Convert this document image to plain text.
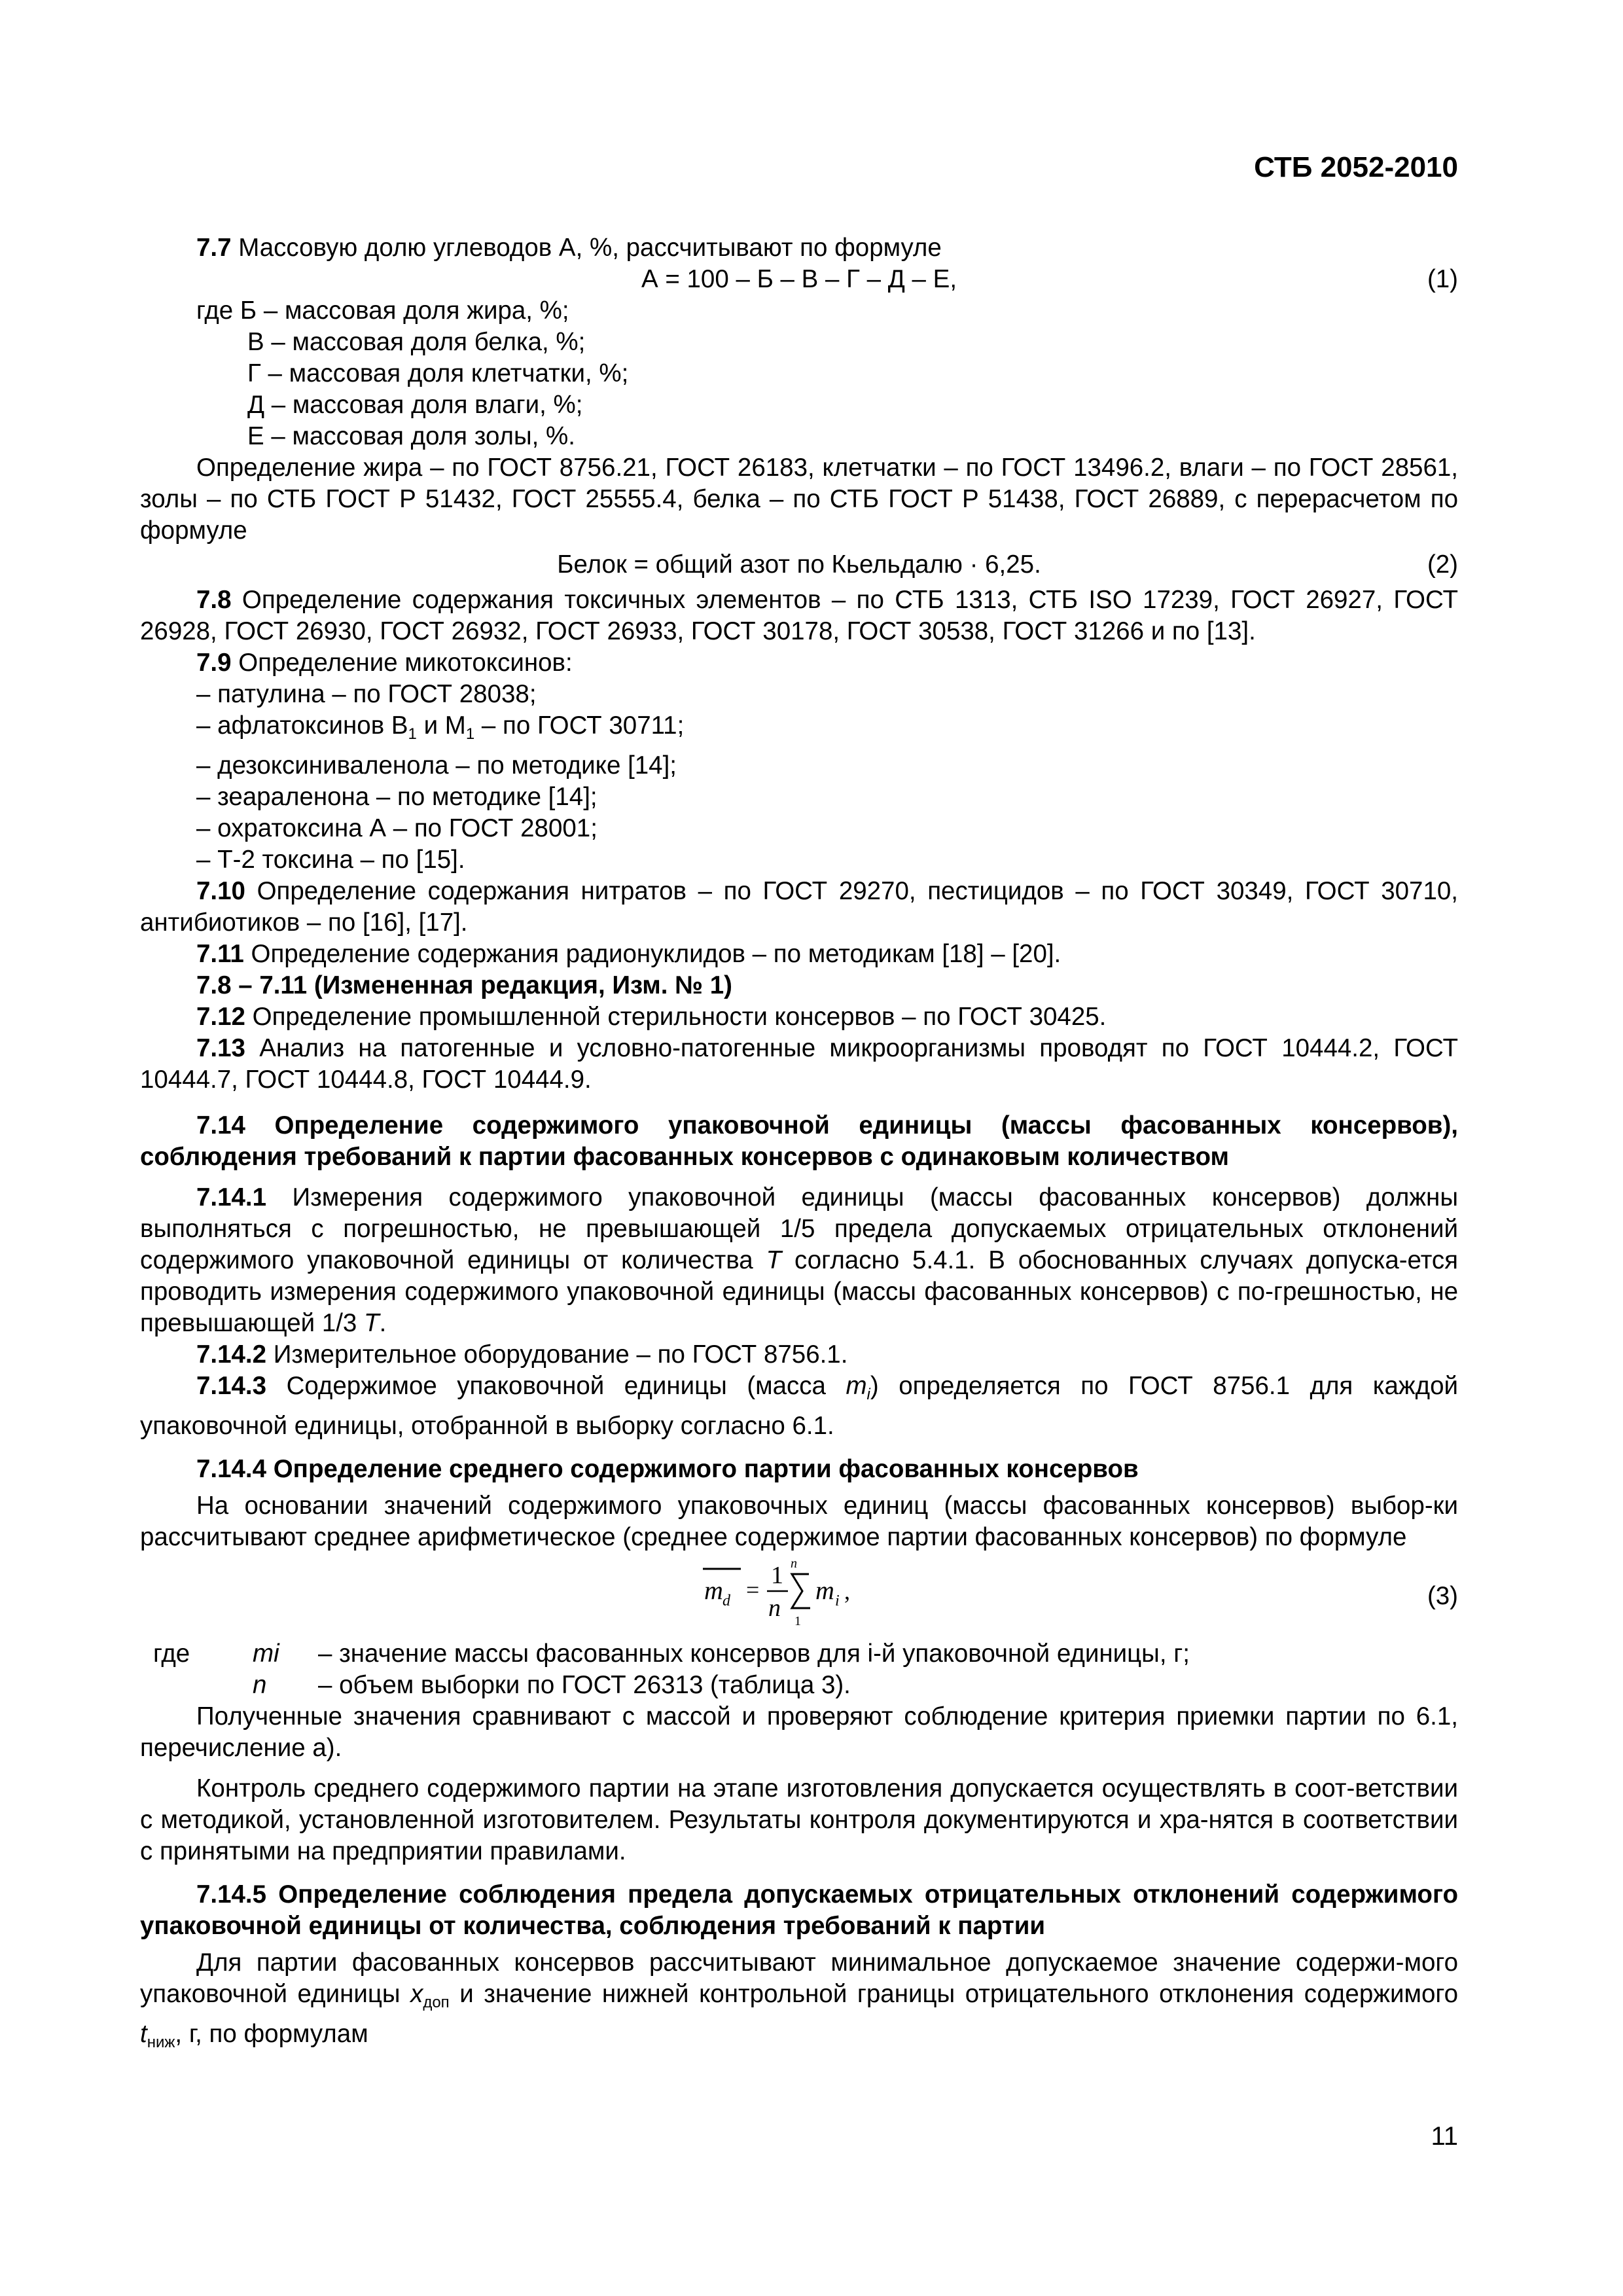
СТБ 2052-2010

7.7 Массовую долю углеводов А, %, рассчитывают по формуле

А = 100 – Б – В – Г – Д – Е,	(1)

где Б – массовая доля жира, %;

В – массовая доля белка, %;

Г – массовая доля клетчатки, %;

Д – массовая доля влаги, %;

Е – массовая доля золы, %.

Определение жира – по ГОСТ 8756.21, ГОСТ 26183, клетчатки – по ГОСТ 13496.2, влаги – по ГОСТ 28561, золы – по СТБ ГОСТ Р 51432, ГОСТ 25555.4, белка – по СТБ ГОСТ Р 51438, ГОСТ 26889, с перерасчетом по формуле

Белок = общий азот по Кьельдалю · 6,25.	(2)

7.8 Определение содержания токсичных элементов – по СТБ 1313, СТБ ISO 17239, ГОСТ 26927, ГОСТ 26928, ГОСТ 26930, ГОСТ 26932, ГОСТ 26933, ГОСТ 30178, ГОСТ 30538, ГОСТ 31266 и по [13].

7.9 Определение микотоксинов:

– патулина – по ГОСТ 28038;

– афлатоксинов $В_1$ и $М_1$ – по ГОСТ 30711;

– дезоксиниваленола – по методике [14];

– зеараленона – по методике [14];

– охратоксина А – по ГОСТ 28001;

– Т-2 токсина – по [15].

7.10 Определение содержания нитратов – по ГОСТ 29270, пестицидов – по ГОСТ 30349, ГОСТ 30710, антибиотиков – по [16], [17].

7.11 Определение содержания радионуклидов – по методикам [18] – [20].

7.8 – 7.11 (Измененная редакция, Изм. № 1)

7.12 Определение промышленной стерильности консервов – по ГОСТ 30425.

7.13 Анализ на патогенные и условно-патогенные микроорганизмы проводят по ГОСТ 10444.2, ГОСТ 10444.7, ГОСТ 10444.8, ГОСТ 10444.9.

7.14 Определение содержимого упаковочной единицы (массы фасованных консервов), соблюдения требований к партии фасованных консервов с одинаковым количеством

7.14.1 Измерения содержимого упаковочной единицы (массы фасованных консервов) должны выполняться с погрешностью, не превышающей 1/5 предела допускаемых отрицательных отклонений содержимого упаковочной единицы от количества T согласно 5.4.1. В обоснованных случаях допуска-ется проводить измерения содержимого упаковочной единицы (массы фасованных консервов) с по-грешностью, не превышающей 1/3 T.

7.14.2 Измерительное оборудование – по ГОСТ 8756.1.

7.14.3 Содержимое упаковочной единицы (масса $m_i$) определяется по ГОСТ 8756.1 для каждой упаковочной единицы, отобранной в выборку согласно 6.1.

7.14.4 Определение среднего содержимого партии фасованных консервов

На основании значений содержимого упаковочных единиц (массы фасованных консервов) выбор-ки рассчитывают среднее арифметическое (среднее содержимое партии фасованных консервов) по формуле

m d =
1
n
n
1
m i ,	(3)
где	mi	– значение массы фасованных консервов для i-й упаковочной единицы, г;
n	– объем выборки по ГОСТ 26313 (таблица 3).

Полученные значения сравнивают с массой и проверяют соблюдение критерия приемки партии по 6.1, перечисление а).

Контроль среднего содержимого партии на этапе изготовления допускается осуществлять в соот-ветствии с методикой, установленной изготовителем. Результаты контроля документируются и хра-нятся в соответствии с принятыми на предприятии правилами.

7.14.5 Определение соблюдения предела допускаемых отрицательных отклонений содержимого упаковочной единицы от количества, соблюдения требований к партии

Для партии фасованных консервов рассчитывают минимальное допускаемое значение содержи-мого упаковочной единицы $x_{доп}$ и значение нижней контрольной границы отрицательного отклонения содержимого $t_{ниж}$, г, по формулам

11
